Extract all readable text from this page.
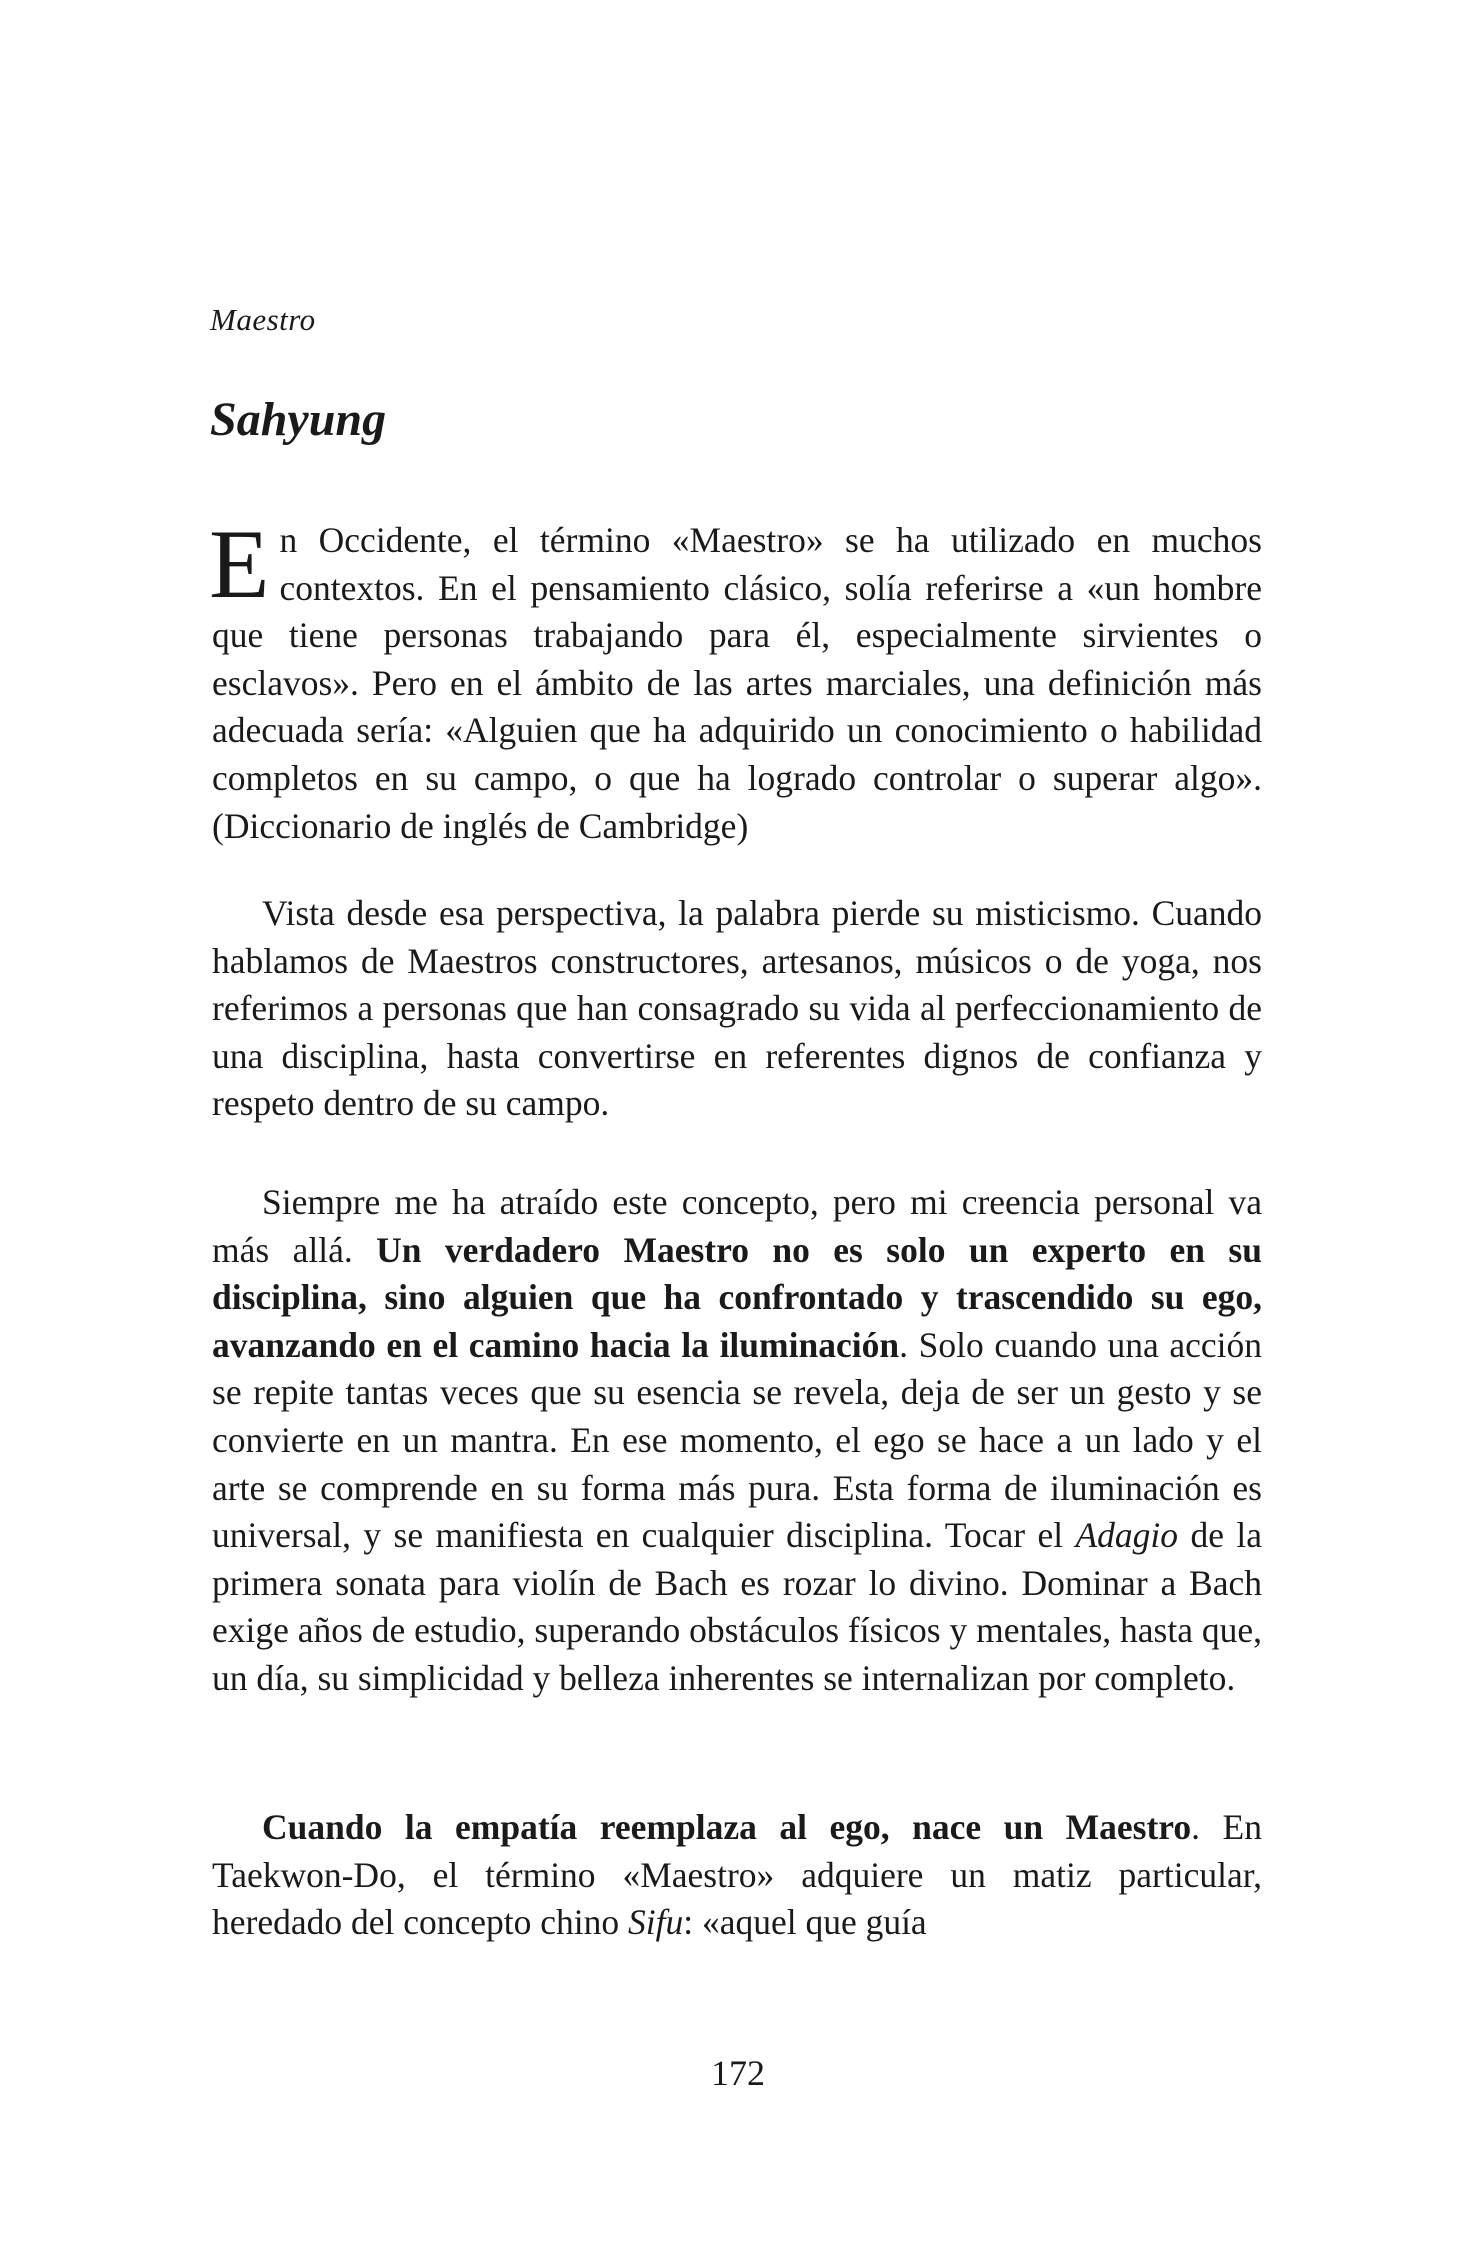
Maestro
Sahyung

En Occidente, el término «Maestro» se ha utilizado en muchos contextos. En el pensamiento clásico, solía referirse a «un hombre que tiene personas trabajando para él, especialmente sirvientes o esclavos». Pero en el ámbito de las artes marciales, una definición más adecuada sería: «Alguien que ha adquirido un conocimiento o habilidad completos en su campo, o que ha logrado controlar o superar algo». (Diccionario de inglés de Cambridge)

Vista desde esa perspectiva, la palabra pierde su misticismo. Cuando hablamos de Maestros constructores, artesanos, músicos o de yoga, nos referimos a personas que han consagrado su vida al perfeccionamiento de una disciplina, hasta convertirse en referentes dignos de confianza y respeto dentro de su campo.

Siempre me ha atraído este concepto, pero mi creencia personal va más allá. Un verdadero Maestro no es solo un experto en su disciplina, sino alguien que ha confrontado y trascendido su ego, avanzando en el camino hacia la iluminación. Solo cuando una acción se repite tantas veces que su esencia se revela, deja de ser un gesto y se convierte en un mantra. En ese momento, el ego se hace a un lado y el arte se comprende en su forma más pura. Esta forma de iluminación es universal, y se manifiesta en cualquier disciplina. Tocar el Adagio de la primera sonata para violín de Bach es rozar lo divino. Dominar a Bach exige años de estudio, superando obstáculos físicos y mentales, hasta que, un día, su simplicidad y belleza inherentes se internalizan por completo.

Cuando la empatía reemplaza al ego, nace un Maestro. En Taekwon-Do, el término «Maestro» adquiere un matiz particular, heredado del concepto chino Sifu: «aquel que guía

172
